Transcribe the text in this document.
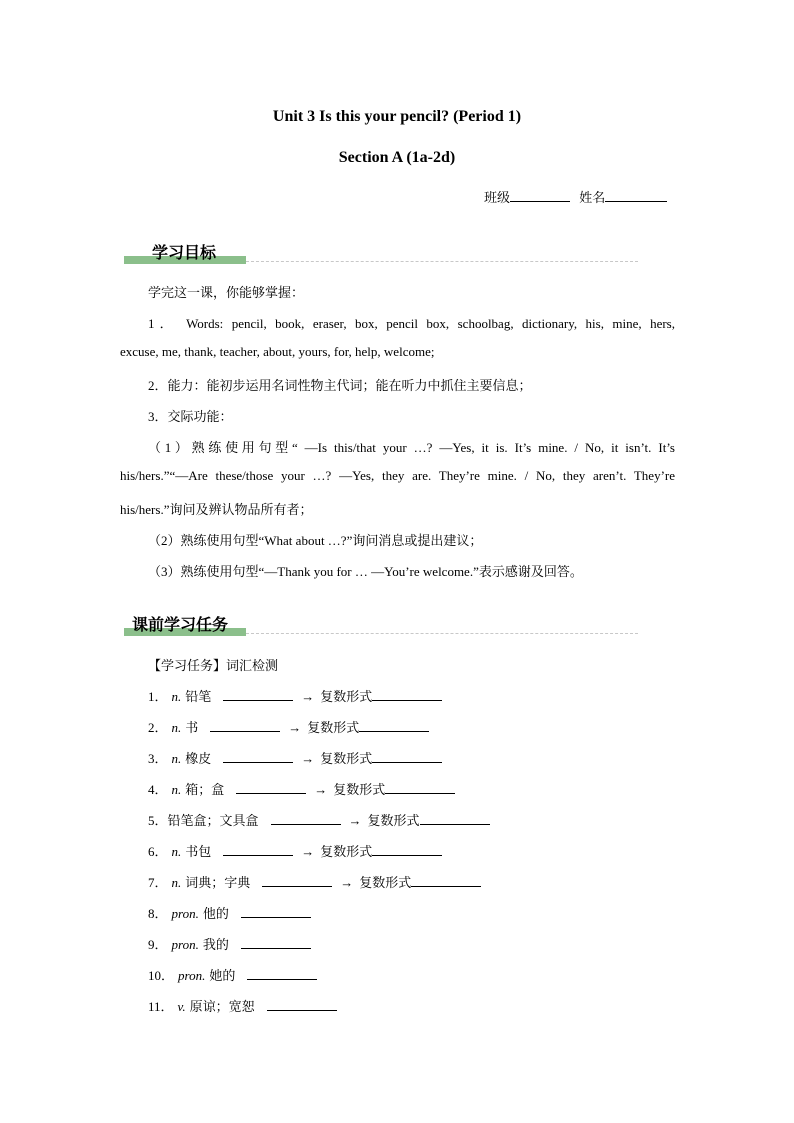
Unit 3 Is this your pencil? (Period 1)
Section A (1a-2d)
班级	姓名
学习目标
学完这一课，你能够掌握：
1． Words: pencil, book, eraser, box, pencil box, schoolbag, dictionary, his, mine, hers,
excuse, me, thank, teacher, about, yours, for, help, welcome;
2．能力：能初步运用名词性物主代词；能在听力中抓住主要信息；
3．交际功能：
（1）熟练使用句型“ —Is this/that your …? —Yes, it is. It’s mine. / No, it isn’t. It’s
his/hers.”“—Are these/those your …? —Yes, they are. They’re mine. / No, they aren’t. They’re
his/hers.”询问及辨认物品所有者；
（2）熟练使用句型“What about …?”询问消息或提出建议；
（3）熟练使用句型“—Thank you for … —You’re welcome.”表示感谢及回答。
课前学习任务
【学习任务】词汇检测
1． n. 铅笔	→ 复数形式
2． n. 书	→ 复数形式
3． n. 橡皮	→ 复数形式
4． n. 箱；盒	→ 复数形式
5．铅笔盒；文具盒	→ 复数形式
6． n. 书包	→ 复数形式
7． n. 词典；字典	→ 复数形式
8． pron. 他的
9． pron. 我的
10． pron. 她的
11． v. 原谅；宽恕
